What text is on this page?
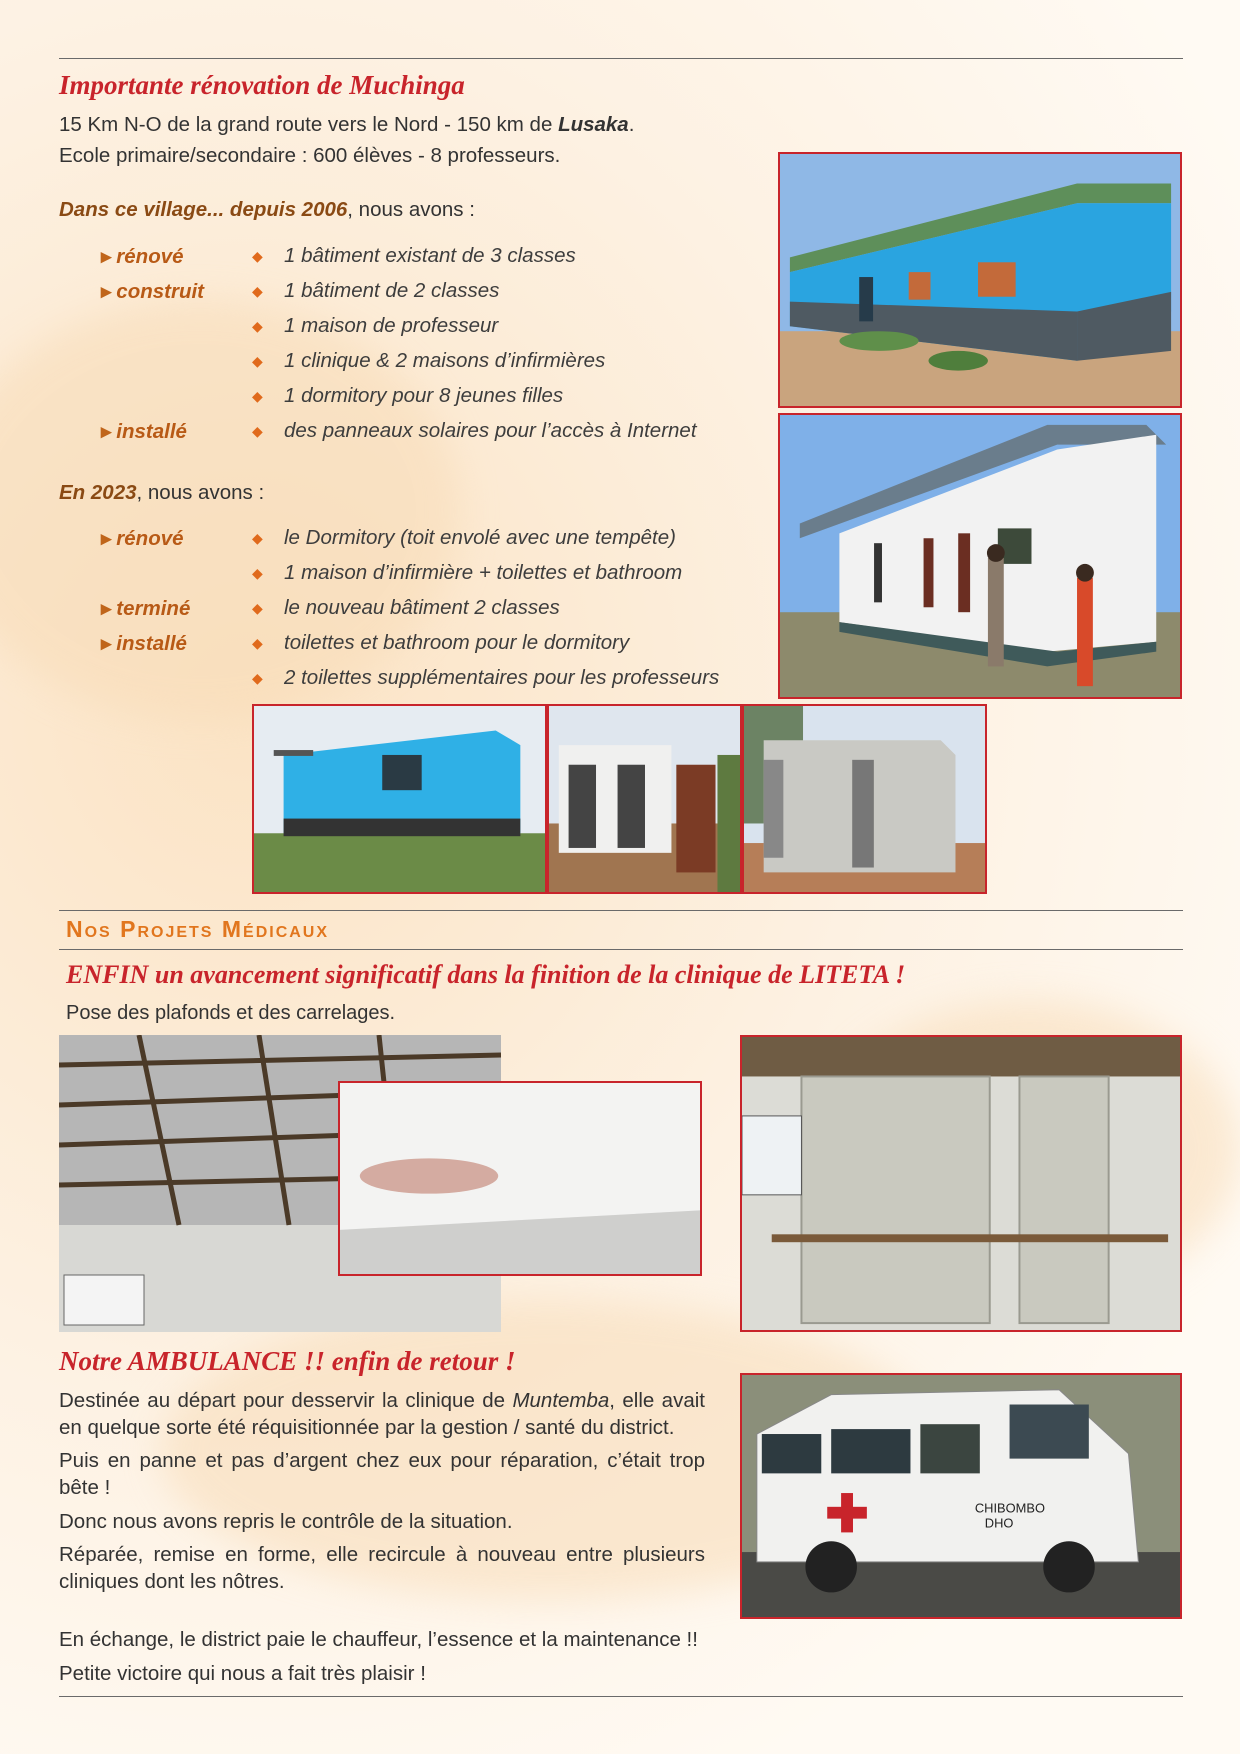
Importante rénovation de Muchinga
15 Km N-O de la grand route vers le Nord - 150 km de Lusaka.
Ecole primaire/secondaire : 600 élèves - 8 professeurs.
Dans ce village... depuis 2006, nous avons :
▸ rénové	◆ 1 bâtiment existant de 3 classes
▸ construit	◆ 1 bâtiment de 2 classes
◆ 1 maison de professeur
◆ 1 clinique & 2 maisons d’infirmières
◆ 1 dormitory pour 8 jeunes filles
▸ installé	◆ des panneaux solaires pour l’accès à Internet
En 2023, nous avons :
▸ rénové	◆ le Dormitory (toit envolé avec une tempête)
◆ 1 maison d’infirmière + toilettes et bathroom
▸ terminé	◆ le nouveau bâtiment 2 classes
▸ installé	◆ toilettes et bathroom pour le dormitory
◆ 2 toilettes supplémentaires pour les professeurs
Nos Projets Médicaux
ENFIN un avancement significatif dans la finition de la clinique de LITETA !
Pose des plafonds et des carrelages.
Notre AMBULANCE !! enfin de retour !

Destinée au départ pour desservir la clinique de Muntemba, elle avait en quelque sorte été réquisitionnée par la gestion / santé du district.

Puis en panne et pas d’argent chez eux pour réparation, c’était trop bête !

Donc nous avons repris le contrôle de la situation.

Réparée, remise en forme, elle recircule à nouveau entre plusieurs cliniques dont les nôtres.

En échange, le district paie le chauffeur, l’essence et la maintenance !!
Petite victoire qui nous a fait très plaisir !
CHIBOMBO
DHO
